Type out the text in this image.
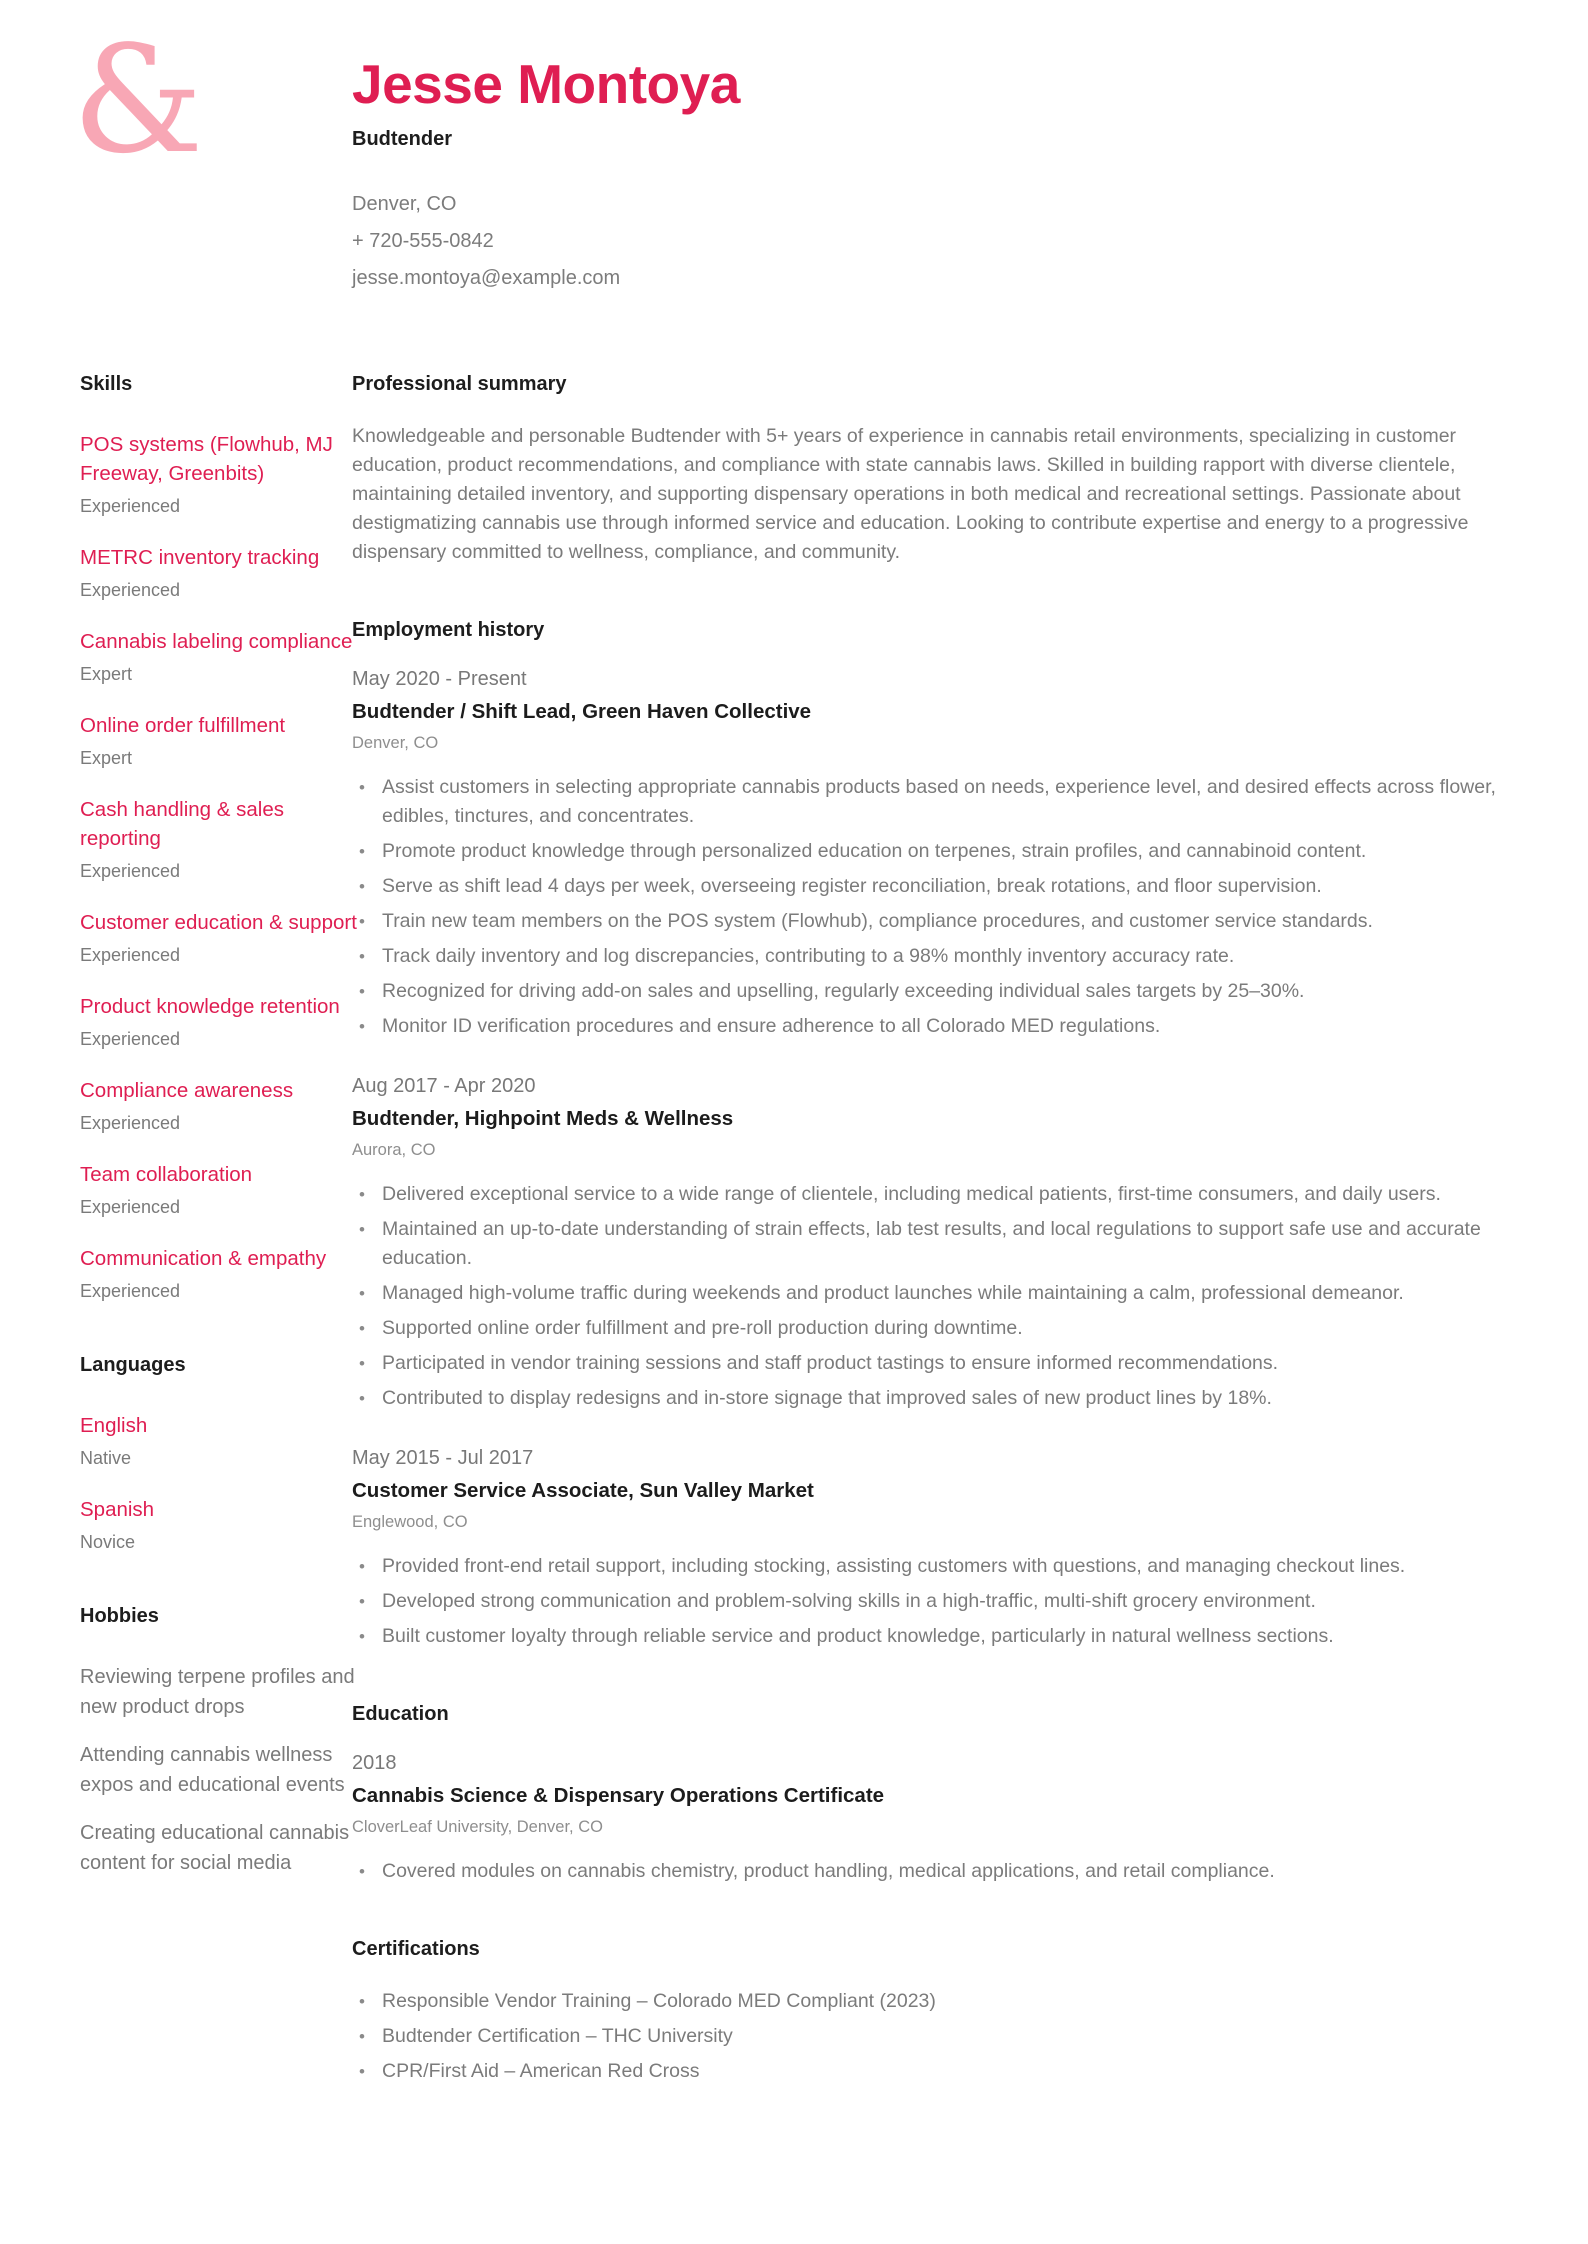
&	Jesse Montoya
Budtender
Denver, CO
+ 720-555-0842
jesse.montoya@example.com
Skills
POS systems (Flowhub, MJ Freeway, Greenbits)
Experienced
METRC inventory tracking
Experienced
Cannabis labeling compliance
Expert
Online order fulfillment
Expert
Cash handling & sales reporting
Experienced
Customer education & support
Experienced
Product knowledge retention
Experienced
Compliance awareness
Experienced
Team collaboration
Experienced
Communication & empathy
Experienced
Languages
English
Native
Spanish
Novice
Hobbies
Reviewing terpene profiles and new product drops
Attending cannabis wellness expos and educational events
Creating educational cannabis content for social media
Professional summary

Knowledgeable and personable Budtender with 5+ years of experience in cannabis retail environments, specializing in customer education, product recommendations, and compliance with state cannabis laws. Skilled in building rapport with diverse clientele, maintaining detailed inventory, and supporting dispensary operations in both medical and recreational settings. Passionate about destigmatizing cannabis use through informed service and education. Looking to contribute expertise and energy to a progressive dispensary committed to wellness, compliance, and community.

Employment history
May 2020 - Present
Budtender / Shift Lead, Green Haven Collective
Denver, CO
• Assist customers in selecting appropriate cannabis products based on needs, experience level, and desired effects across flower, edibles, tinctures, and concentrates.
• Promote product knowledge through personalized education on terpenes, strain profiles, and cannabinoid content.
• Serve as shift lead 4 days per week, overseeing register reconciliation, break rotations, and floor supervision.
• Train new team members on the POS system (Flowhub), compliance procedures, and customer service standards.
• Track daily inventory and log discrepancies, contributing to a 98% monthly inventory accuracy rate.
• Recognized for driving add-on sales and upselling, regularly exceeding individual sales targets by 25–30%.
• Monitor ID verification procedures and ensure adherence to all Colorado MED regulations.
Aug 2017 - Apr 2020
Budtender, Highpoint Meds & Wellness
Aurora, CO
• Delivered exceptional service to a wide range of clientele, including medical patients, first-time consumers, and daily users.
• Maintained an up-to-date understanding of strain effects, lab test results, and local regulations to support safe use and accurate education.
• Managed high-volume traffic during weekends and product launches while maintaining a calm, professional demeanor.
• Supported online order fulfillment and pre-roll production during downtime.
• Participated in vendor training sessions and staff product tastings to ensure informed recommendations.
• Contributed to display redesigns and in-store signage that improved sales of new product lines by 18%.
May 2015 - Jul 2017
Customer Service Associate, Sun Valley Market
Englewood, CO
• Provided front-end retail support, including stocking, assisting customers with questions, and managing checkout lines.
• Developed strong communication and problem-solving skills in a high-traffic, multi-shift grocery environment.
• Built customer loyalty through reliable service and product knowledge, particularly in natural wellness sections.
Education
2018
Cannabis Science & Dispensary Operations Certificate
CloverLeaf University, Denver, CO
• Covered modules on cannabis chemistry, product handling, medical applications, and retail compliance.
Certifications
• Responsible Vendor Training – Colorado MED Compliant (2023)
• Budtender Certification – THC University
• CPR/First Aid – American Red Cross
